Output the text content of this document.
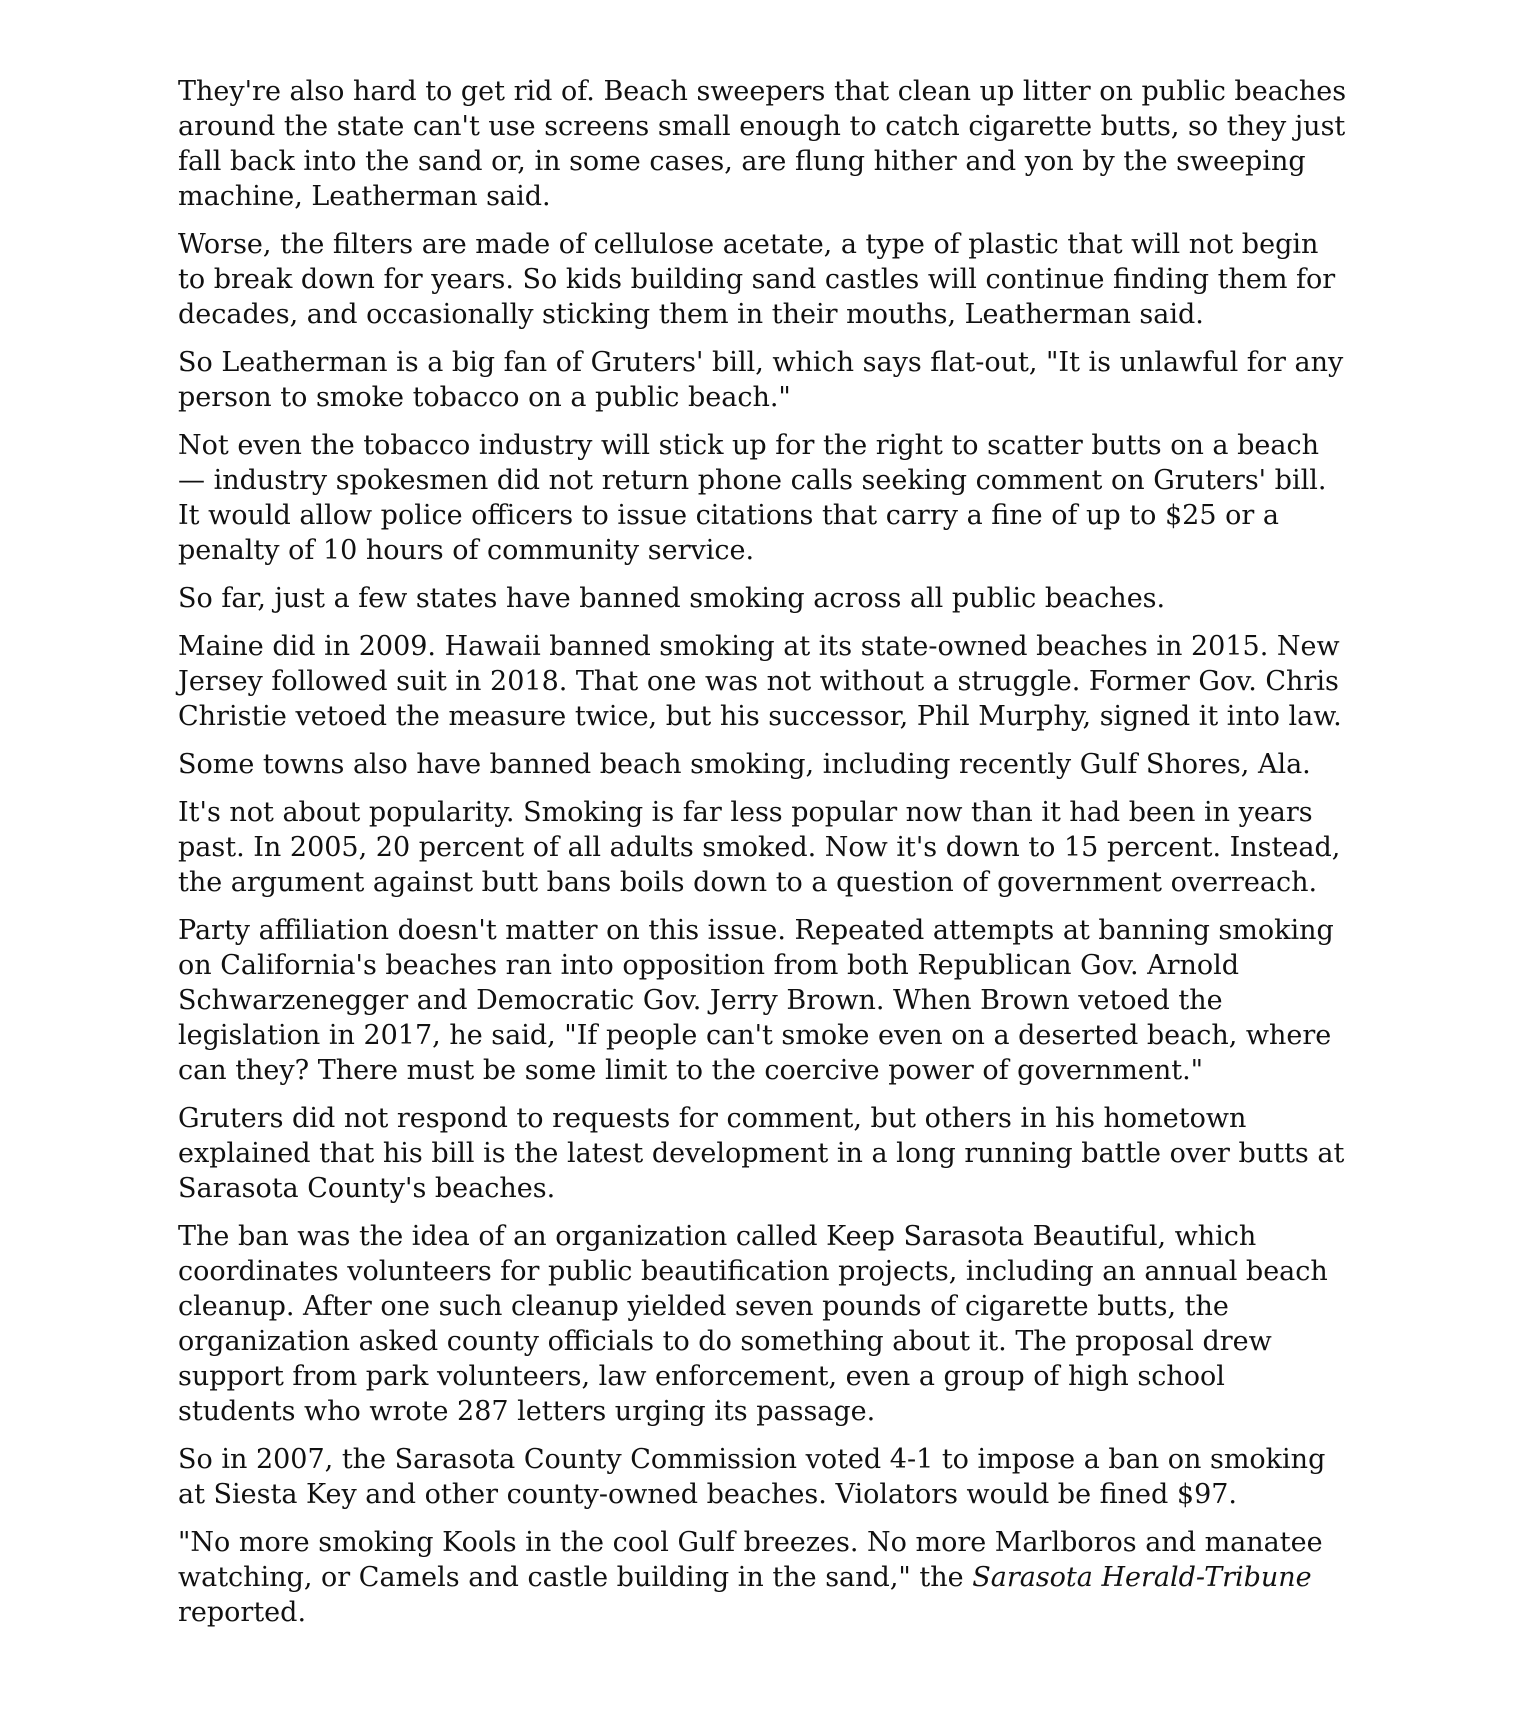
They're also hard to get rid of. Beach sweepers that clean up litter on public beaches around the state can't use screens small enough to catch cigarette butts, so they just fall back into the sand or, in some cases, are flung hither and yon by the sweeping machine, Leatherman said.

Worse, the filters are made of cellulose acetate, a type of plastic that will not begin to break down for years. So kids building sand castles will continue finding them for decades, and occasionally sticking them in their mouths, Leatherman said.

So Leatherman is a big fan of Gruters' bill, which says flat-out, "It is unlawful for any person to smoke tobacco on a public beach."

Not even the tobacco industry will stick up for the right to scatter butts on a beach — industry spokesmen did not return phone calls seeking comment on Gruters' bill. It would allow police officers to issue citations that carry a fine of up to $25 or a penalty of 10 hours of community service.

So far, just a few states have banned smoking across all public beaches.

Maine did in 2009. Hawaii banned smoking at its state-owned beaches in 2015. New Jersey followed suit in 2018. That one was not without a struggle. Former Gov. Chris Christie vetoed the measure twice, but his successor, Phil Murphy, signed it into law.

Some towns also have banned beach smoking, including recently Gulf Shores, Ala.

It's not about popularity. Smoking is far less popular now than it had been in years past. In 2005, 20 percent of all adults smoked. Now it's down to 15 percent. Instead, the argument against butt bans boils down to a question of government overreach.

Party affiliation doesn't matter on this issue. Repeated attempts at banning smoking on California's beaches ran into opposition from both Republican Gov. Arnold Schwarzenegger and Democratic Gov. Jerry Brown. When Brown vetoed the legislation in 2017, he said, "If people can't smoke even on a deserted beach, where can they? There must be some limit to the coercive power of government."

Gruters did not respond to requests for comment, but others in his hometown explained that his bill is the latest development in a long running battle over butts at Sarasota County's beaches.

The ban was the idea of an organization called Keep Sarasota Beautiful, which coordinates volunteers for public beautification projects, including an annual beach cleanup. After one such cleanup yielded seven pounds of cigarette butts, the organization asked county officials to do something about it. The proposal drew support from park volunteers, law enforcement, even a group of high school students who wrote 287 letters urging its passage.

So in 2007, the Sarasota County Commission voted 4-1 to impose a ban on smoking at Siesta Key and other county-owned beaches. Violators would be fined $97.

"No more smoking Kools in the cool Gulf breezes. No more Marlboros and manatee watching, or Camels and castle building in the sand," the Sarasota Herald-Tribune reported.
